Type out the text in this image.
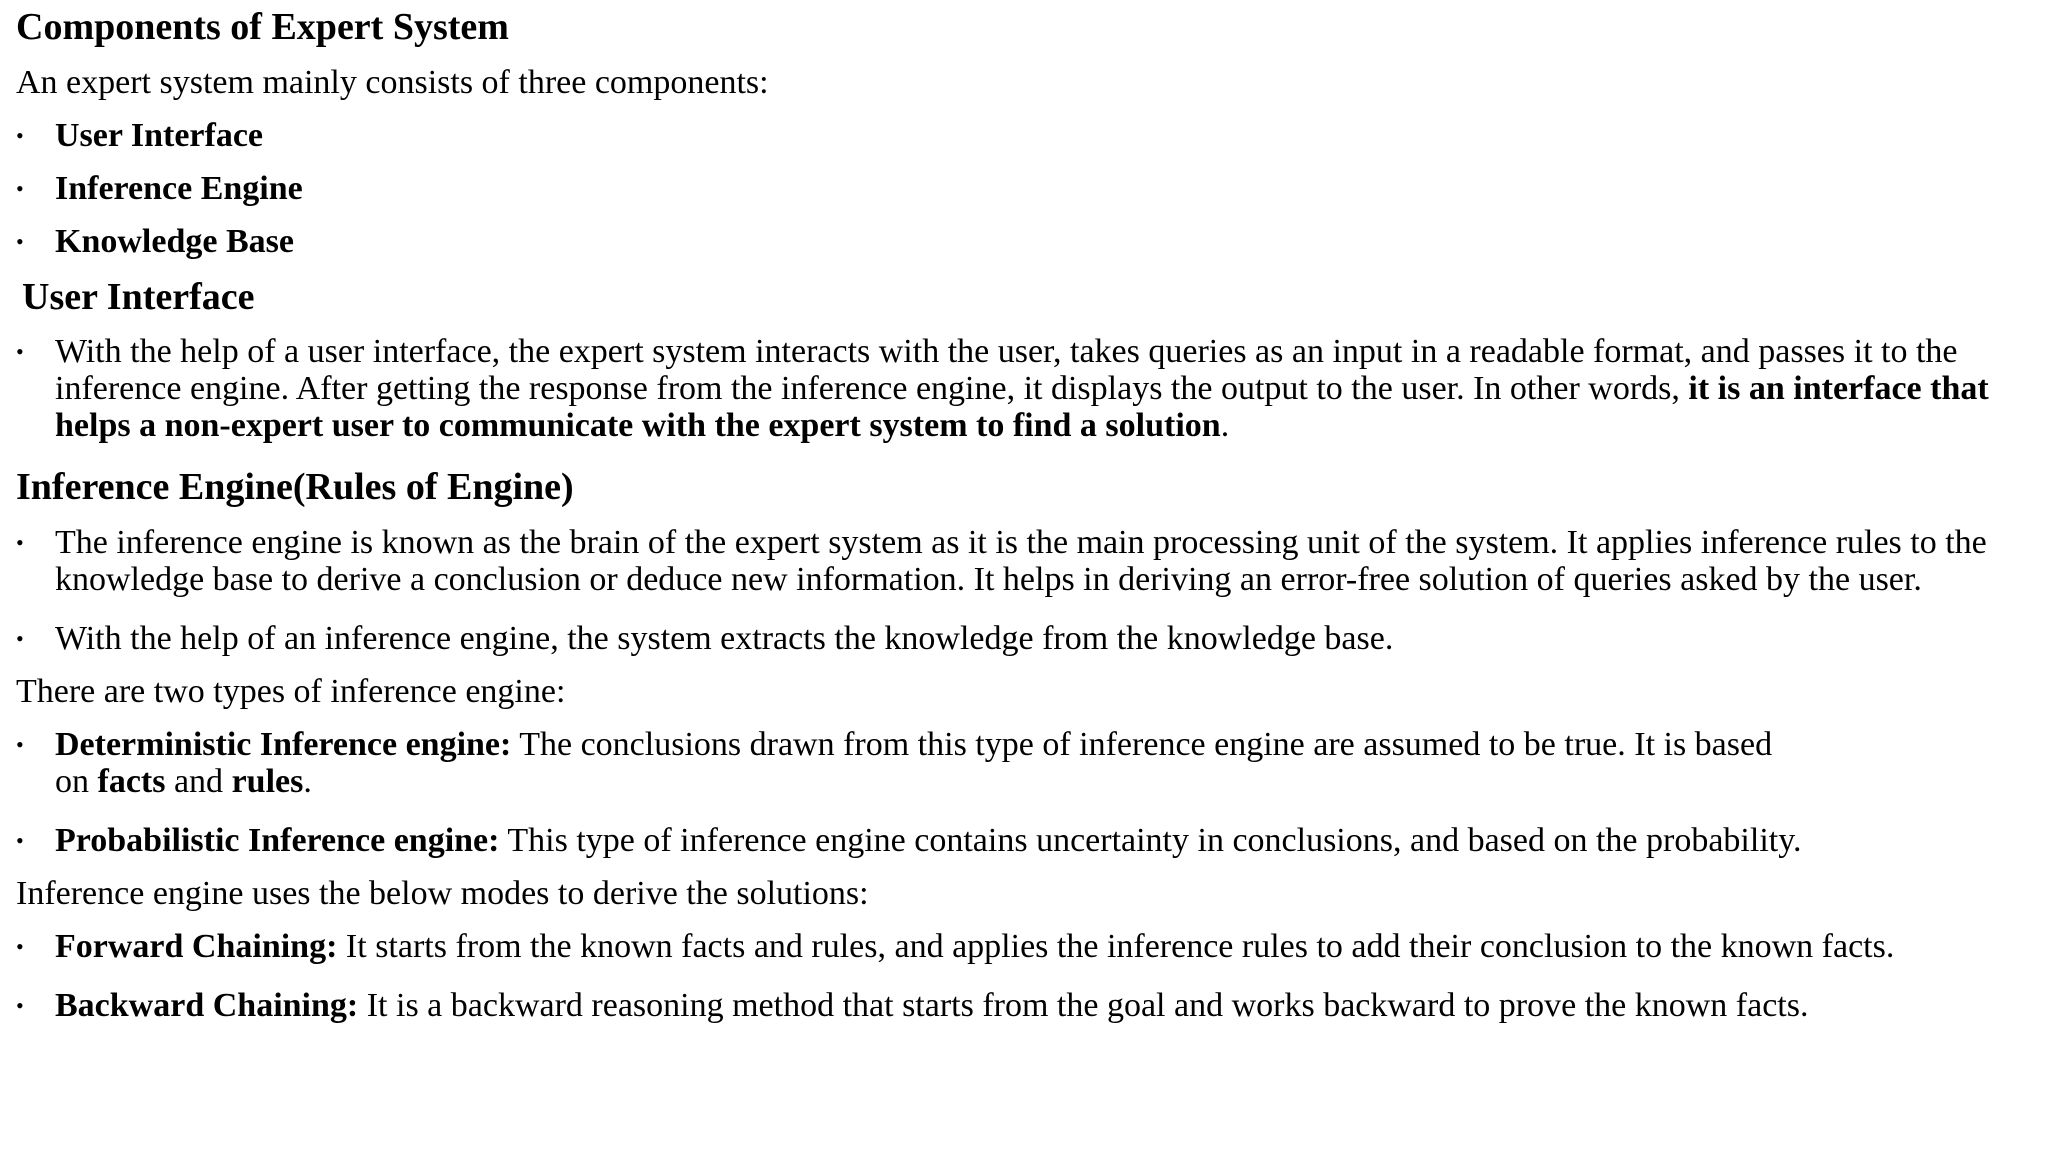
Components of Expert System

An expert system mainly consists of three components:

• User Interface
• Inference Engine
• Knowledge Base
User Interface
• With the help of a user interface, the expert system interacts with the user, takes queries as an input in a readable format, and passes it to the inference engine. After getting the response from the inference engine, it displays the output to the user. In other words, it is an interface that helps a non-expert user to communicate with the expert system to find a solution.
Inference Engine(Rules of Engine)
• The inference engine is known as the brain of the expert system as it is the main processing unit of the system. It applies inference rules to the knowledge base to derive a conclusion or deduce new information. It helps in deriving an error-free solution of queries asked by the user.
• With the help of an inference engine, the system extracts the knowledge from the knowledge base.

There are two types of inference engine:

• Deterministic Inference engine: The conclusions drawn from this type of inference engine are assumed to be true. It is based on facts and rules.
• Probabilistic Inference engine: This type of inference engine contains uncertainty in conclusions, and based on the probability.

Inference engine uses the below modes to derive the solutions:

• Forward Chaining: It starts from the known facts and rules, and applies the inference rules to add their conclusion to the known facts.
• Backward Chaining: It is a backward reasoning method that starts from the goal and works backward to prove the known facts.
